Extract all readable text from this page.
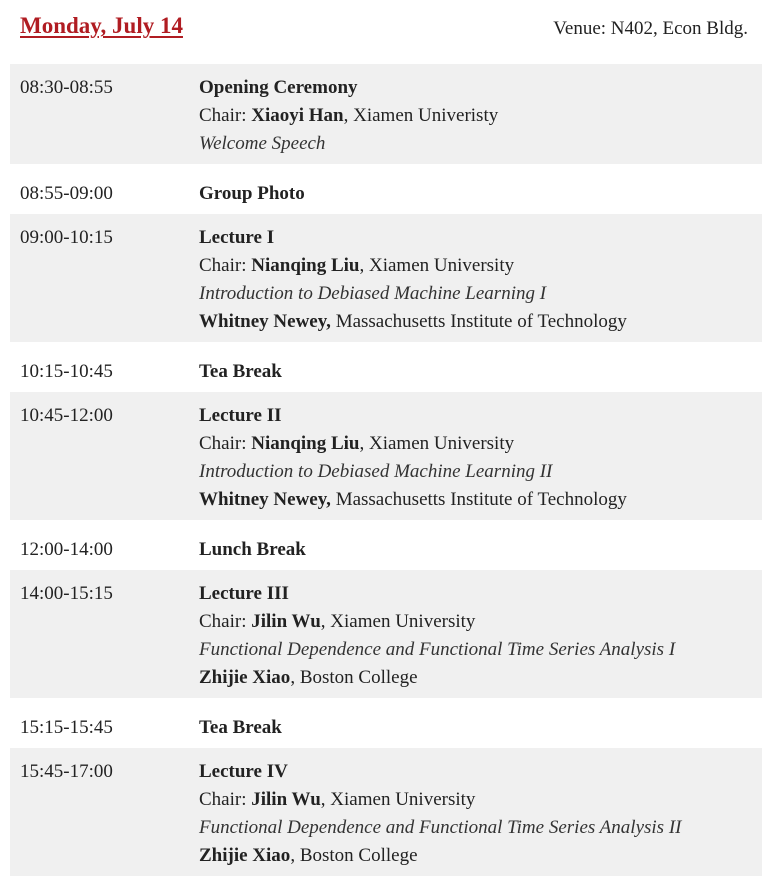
Monday, July 14	Venue: N402, Econ Bldg.
08:30-08:55	Opening Ceremony
Chair: Xiaoyi Han, Xiamen Univeristy
Welcome Speech
08:55-09:00	Group Photo
09:00-10:15	Lecture I
Chair: Nianqing Liu, Xiamen University
Introduction to Debiased Machine Learning I
Whitney Newey, Massachusetts Institute of Technology
10:15-10:45	Tea Break
10:45-12:00	Lecture II
Chair: Nianqing Liu, Xiamen University
Introduction to Debiased Machine Learning II
Whitney Newey, Massachusetts Institute of Technology
12:00-14:00	Lunch Break
14:00-15:15	Lecture III
Chair: Jilin Wu, Xiamen University
Functional Dependence and Functional Time Series Analysis I
Zhijie Xiao, Boston College
15:15-15:45	Tea Break
15:45-17:00	Lecture IV
Chair: Jilin Wu, Xiamen University
Functional Dependence and Functional Time Series Analysis II
Zhijie Xiao, Boston College
